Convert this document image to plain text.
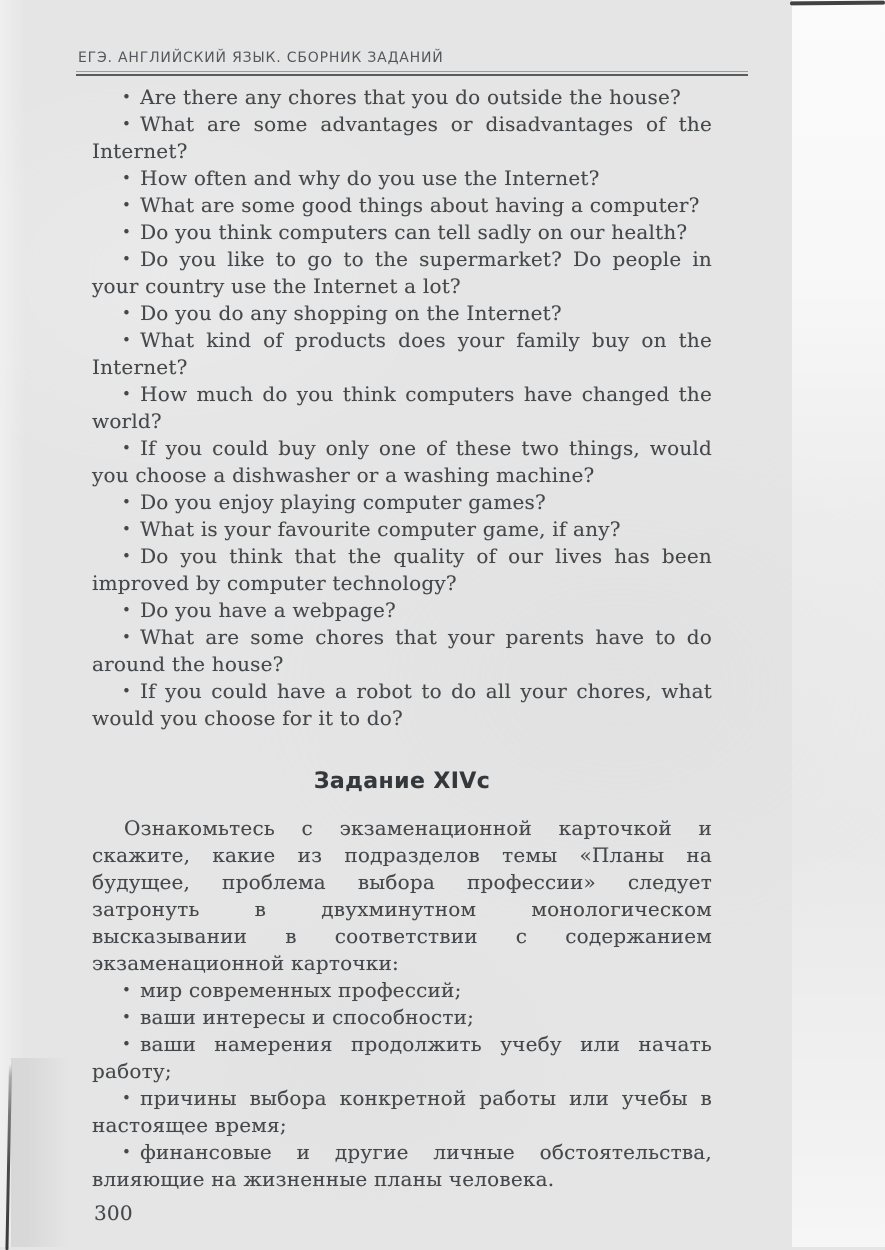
ЕГЭ. АНГЛИЙСКИЙ ЯЗЫК. СБОРНИК ЗАДАНИЙ

• Are there any chores that you do outside the house?

• What are some advantages or disadvantages of the Internet?

• How often and why do you use the Internet?

• What are some good things about having a computer?

• Do you think computers can tell sadly on our health?

• Do you like to go to the supermarket? Do people in your country use the Internet a lot?

• Do you do any shopping on the Internet?

• What kind of products does your family buy on the Internet?

• How much do you think computers have changed the world?

• If you could buy only one of these two things, would you choose a dishwasher or a washing machine?

• Do you enjoy playing computer games?

• What is your favourite computer game, if any?

• Do you think that the quality of our lives has been improved by computer technology?

• Do you have a webpage?

• What are some chores that your parents have to do around the house?

• If you could have a robot to do all your chores, what would you choose for it to do?

Задание XIVc

Ознакомьтесь с экзаменационной карточкой и скажите, какие из подразделов темы «Планы на будущее, проблема выбора профессии» следует затронуть в двухминутном монологическом высказывании в соответствии с содержанием экзаменационной карточки:

• мир современных профессий;

• ваши интересы и способности;

• ваши намерения продолжить учебу или начать работу;

• причины выбора конкретной работы или учебы в настоящее время;

• финансовые и другие личные обстоятельства, влияющие на жизненные планы человека.

300
